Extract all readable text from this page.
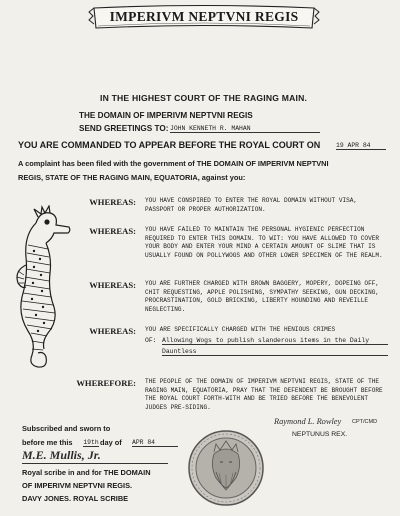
IMPERIVM NEPTVNI REGIS
IN THE HIGHEST COURT OF THE RAGING MAIN.
THE DOMAIN OF IMPERIVM NEPTVNI REGIS
SEND GREETINGS TO: JOHN KENNETH R. MAHAN
YOU ARE COMMANDED TO APPEAR BEFORE THE ROYAL COURT ON 19 APR 84
A complaint has been filed with the government of THE DOMAIN OF IMPERIVM NEPTVNI
REGIS, STATE OF THE RAGING MAIN, EQUATORIA, against you:
WHEREAS: YOU HAVE CONSPIRED TO ENTER THE ROYAL DOMAIN WITHOUT VISA, PASSPORT OR PROPER AUTHORIZATION.
WHEREAS: YOU HAVE FAILED TO MAINTAIN THE PERSONAL HYGIENIC PERFECTION REQUIRED TO ENTER THIS DOMAIN. TO WIT: YOU HAVE ALLOWED TO COVER YOUR BODY AND ENTER YOUR MIND A CERTAIN AMOUNT OF SLIME THAT IS USUALLY FOUND ON POLLYWOGS AND OTHER LOWER SPECIMEN OF THE REALM.
WHEREAS: YOU ARE FURTHER CHARGED WITH BROWN BAGGERY, MOPERY, DOPEING OFF, CHIT REQUESTING, APPLE POLISHING, SYMPATHY SEEKING, GUN DECKING, PROCRASTINATION, GOLD BRICKING, LIBERTY HOUNDING AND REVEILLE NEGLECTING.
WHEREAS: YOU ARE SPECIFICALLY CHARGED WITH THE HENIOUS CRIMES
OF: Allowing Wogs to publish slanderous items in the Daily
Dauntless
WHEREFORE: THE PEOPLE OF THE DOMAIN OF IMPERIVM NEPTVNI REGIS, STATE OF THE RAGING MAIN, EQUATORIA, PRAY THAT THE DEFENDENT BE BROUGHT BEFORE THE ROYAL COURT FORTH-WITH AND BE TRIED BEFORE THE BENEVOLENT JUDGES PRE-SIDING.
Raymond L. Rowley CPT/CMD
NEPTUNUS REX.
Subscribed and sworn to
before me this 19th day of APR 84
M.E. Mullis, Jr.
Royal scribe in and for THE DOMAIN
OF IMPERIVM NEPTVNI REGIS.
DAVY JONES. ROYAL SCRIBE
